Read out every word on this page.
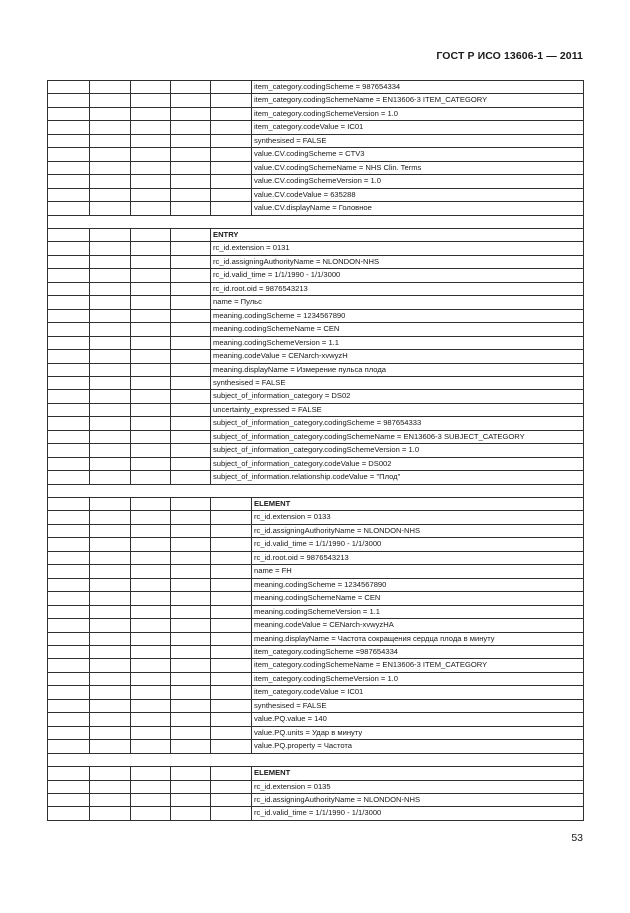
ГОСТ Р ИСО 13606-1 — 2011
					item_category.codingScheme = 987654334
					item_category.codingSchemeName = EN13606-3 ITEM_CATEGORY
					item_category.codingSchemeVersion = 1.0
					item_category.codeValue = IC01
					synthesised = FALSE
					value.CV.codingScheme = CTV3
					value.CV.codingSchemeName = NHS Clin. Terms
					value.CV.codingSchemeVersion = 1.0
					value.CV.codeValue = 635288
					value.CV.displayName = Головное

				ENTRY	
				rc_id.extension = 0131	
				rc_id.assigningAuthorityName = NLONDON-NHS	
				rc_id.valid_time = 1/1/1990 - 1/1/3000	
				rc_id.root.oid = 9876543213	
				name = Пульс	
				meaning.codingScheme = 1234567890	
				meaning.codingSchemeName = CEN	
				meaning.codingSchemeVersion = 1.1	
				meaning.codeValue = CENarch-xvwyzH	
				meaning.displayName = Измерение пульса плода	
				synthesised = FALSE	
				subject_of_information_category = DS02	
				uncertainty_expressed = FALSE	
				subject_of_information_category.codingScheme = 987654333	
				subject_of_information_category.codingSchemeName = EN13606-3 SUBJECT_CATEGORY	
				subject_of_information_category.codingSchemeVersion = 1.0	
				subject_of_information_category.codeValue = DS002	
				subject_of_information.relationship.codeValue = "Плод"	

					ELEMENT
					rc_id.extension = 0133
					rc_id.assigningAuthorityName = NLONDON-NHS
					rc_id.valid_time = 1/1/1990 - 1/1/3000
					rc_id.root.oid = 9876543213
					name = FH
					meaning.codingScheme = 1234567890
					meaning.codingSchemeName = CEN
					meaning.codingSchemeVersion = 1.1
					meaning.codeValue = CENarch-xvwyzHA
					meaning.displayName = Частота сокращения сердца плода в минуту
					item_category.codingScheme =987654334
					item_category.codingSchemeName = EN13606-3 ITEM_CATEGORY
					item_category.codingSchemeVersion = 1.0
					item_category.codeValue = IC01
					synthesised = FALSE
					value.PQ.value = 140
					value.PQ.units = Удар в минуту
					value.PQ.property = Частота

					ELEMENT
					rc_id.extension = 0135
					rc_id.assigningAuthorityName = NLONDON-NHS
					rc_id.valid_time = 1/1/1990 - 1/1/3000
53
